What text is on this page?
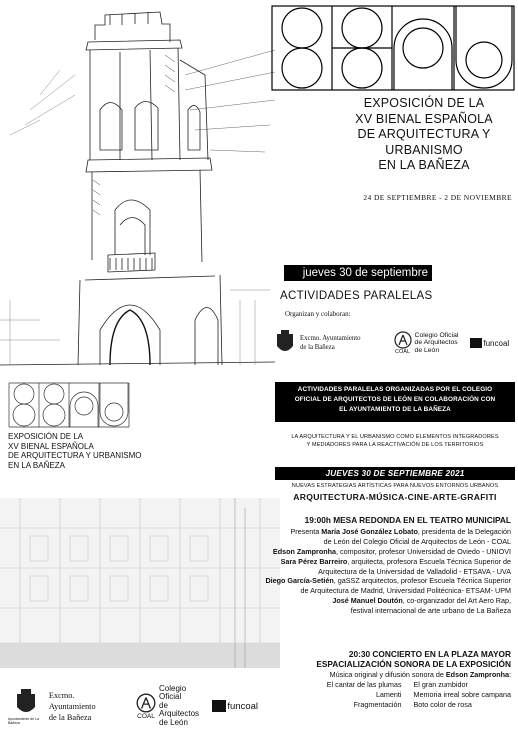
EXPOSICIÓN DE LA
XV BIENAL ESPAÑOLA
DE ARQUITECTURA Y
URBANISMO
EN LA BAÑEZA
24 DE SEPTIEMBRE - 2 DE NOVIEMBRE
jueves 30 de septiembre
ACTIVIDADES PARALELAS
Organizan y colaboran:
Excmo. Ayuntamiento
de la Bañeza
COAL
Colegio Oficial
de Arquitectos
de León
funcoal
EXPOSICIÓN DE LA
XV BIENAL ESPAÑOLA
DE ARQUITECTURA Y URBANISMO
EN LA BAÑEZA
ACTIVIDADES PARALELAS ORGANIZADAS POR EL COLEGIO
OFICIAL DE ARQUITECTOS DE LEÓN EN COLABORACIÓN CON
EL AYUNTAMIENTO DE LA BAÑEZA
LA ARQUITECTURA Y EL URBANISMO COMO ELEMENTOS INTEGRADORES
Y MEDIADORES PARA LA REACTIVACIÓN DE LOS TERRITORIOS
JUEVES 30 DE SEPTIEMBRE 2021
NUEVAS ESTRATEGIAS ARTÍSTICAS PARA NUEVOS ENTORNOS URBANOS
ARQUITECTURA-MÚSICA-CINE-ARTE-GRAFITI
19:00h MESA REDONDA EN EL TEATRO MUNICIPAL
Presenta María José González Lobato, presidenta de la Delegación
de León del Colegio Oficial de Arquitectos de León - COAL
Edson Zampronha, compositor, profesor Universidad de Oviedo - UNIOVI
Sara Pérez Barreiro, arquitecta, profesora Escuela Técnica Superior de
Arquitectura de la Universidad de Valladolid - ETSAVA - UVA
Diego García-Setién, gaSSZ arquitectos, profesor Escuela Técnica Superior
de Arquitectura de Madrid, Universidad Politécnica- ETSAM- UPM
José Manuel Doutón, co-organizador del Art Aero Rap,
festival internacional de arte urbano de La Bañeza
20:30 CONCIERTO EN LA PLAZA MAYOR
ESPACIALIZACIÓN SONORA DE LA EXPOSICIÓN
Música original y difusión sonora de Edson Zampronha:
El cantar de las plumas El gran zumbidor
Lamenti Memoria irreal sobre campana
Fragmentación Boto color de rosa
Ayuntamiento de La Bañeza
Excmo. Ayuntamiento
de la Bañeza	COAL
Colegio Oficial
de Arquitectos
de León
funcoal
